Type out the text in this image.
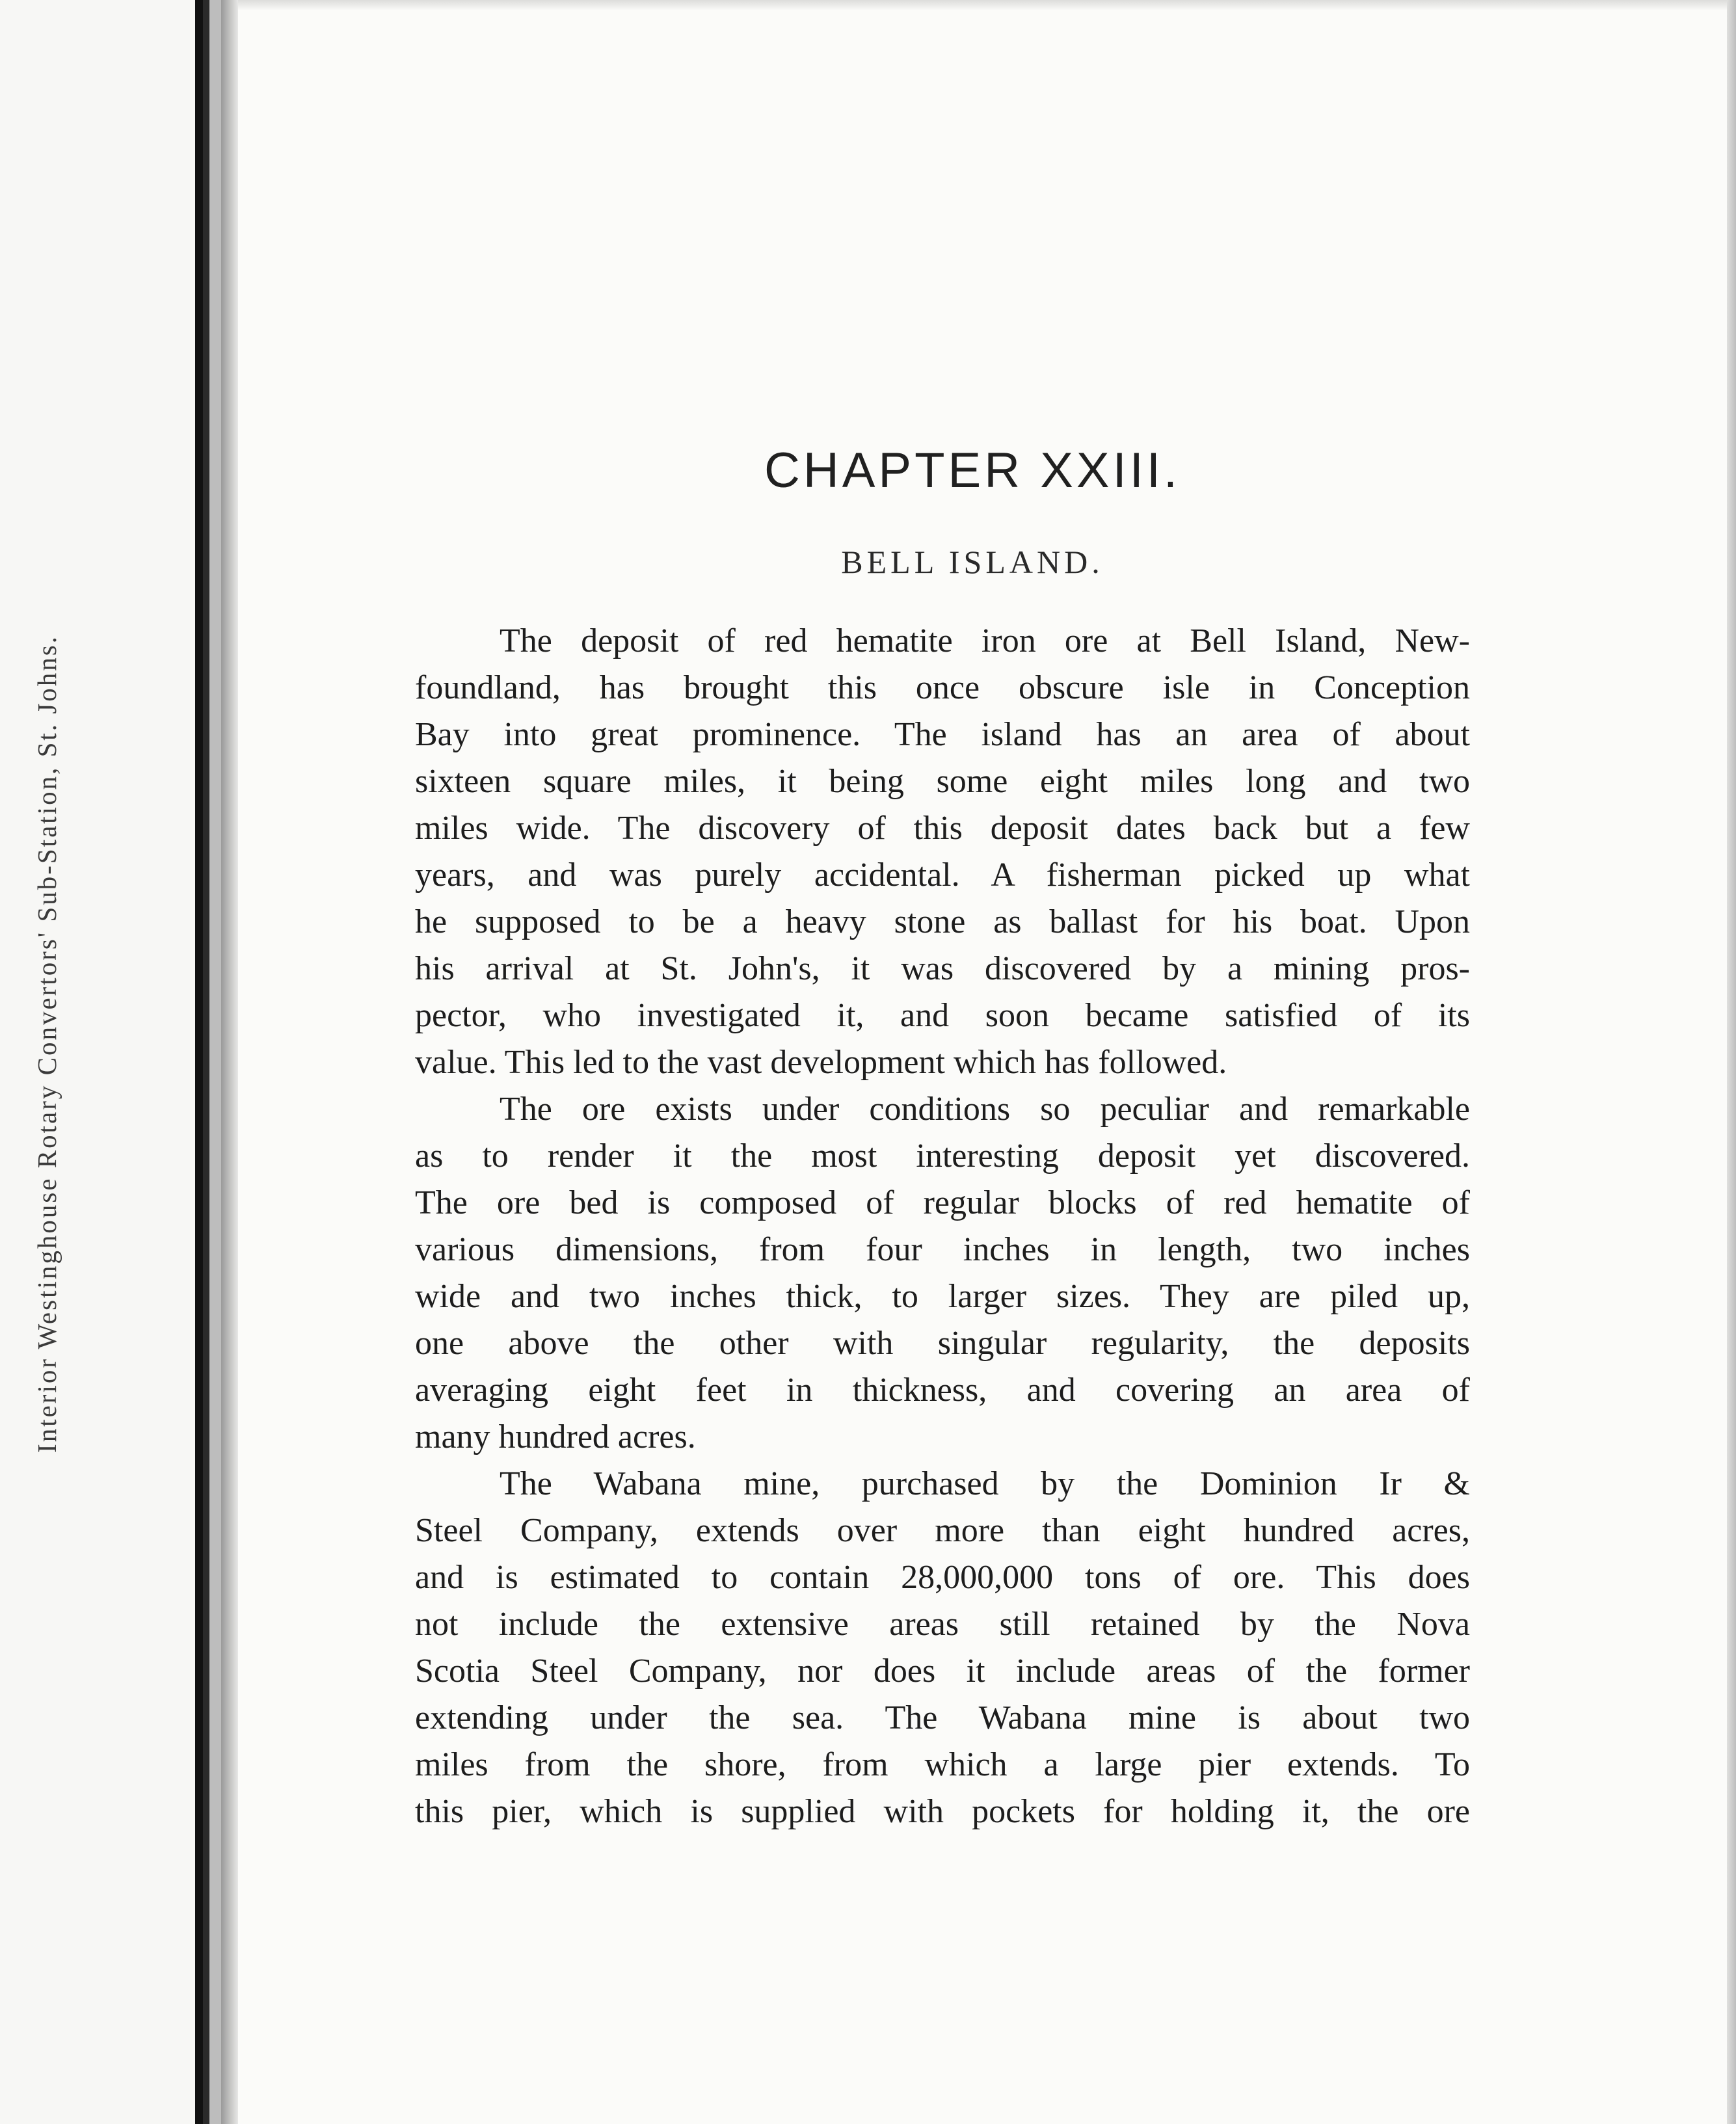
Interior Westinghouse Rotary Convertors' Sub-Station, St. Johns.
CHAPTER XXIII.
BELL ISLAND.
The deposit of red hematite iron ore at Bell Island, New-
foundland, has brought this once obscure isle in Conception
Bay into great prominence. The island has an area of about
sixteen square miles, it being some eight miles long and two
miles wide. The discovery of this deposit dates back but a few
years, and was purely accidental. A fisherman picked up what
he supposed to be a heavy stone as ballast for his boat. Upon
his arrival at St. John's, it was discovered by a mining pros-
pector, who investigated it, and soon became satisfied of its
value. This led to the vast development which has followed.
The ore exists under conditions so peculiar and remarkable
as to render it the most interesting deposit yet discovered.
The ore bed is composed of regular blocks of red hematite of
various dimensions, from four inches in length, two inches
wide and two inches thick, to larger sizes. They are piled up,
one above the other with singular regularity, the deposits
averaging eight feet in thickness, and covering an area of
many hundred acres.
The Wabana mine, purchased by the Dominion Ir &
Steel Company, extends over more than eight hundred acres,
and is estimated to contain 28,000,000 tons of ore. This does
not include the extensive areas still retained by the Nova
Scotia Steel Company, nor does it include areas of the former
extending under the sea. The Wabana mine is about two
miles from the shore, from which a large pier extends. To
this pier, which is supplied with pockets for holding it, the ore
